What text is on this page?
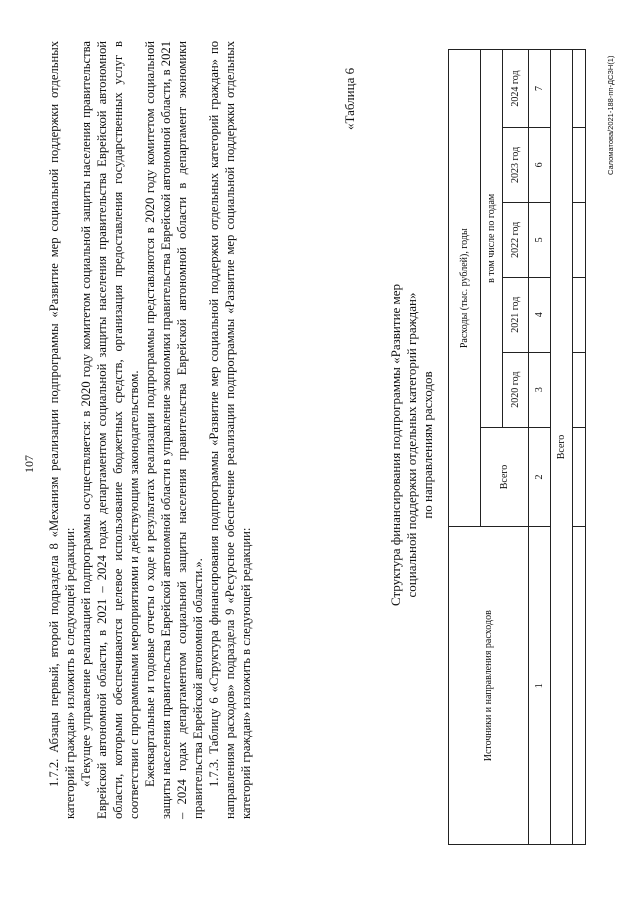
107 1.7.2. Абзацы первый, второй подраздела 8 «Механизм реализации подпрограммы «Развитие мер социальной поддержки отдельных категорий граждан» изложить в следующей редакции: «Текущее управление реализацией подпрограммы осуществляется: в 2020 году комитетом социальной защиты населения правительства Еврейской автономной области, в 2021 – 2024 годах департаментом социальной защиты населения правительства Еврейской автономной области, которыми обеспечиваются целевое использование бюджетных средств, организация предоставления государственных услуг в соответствии с программными мероприятиями и действующим законодательством. Ежеквартальные и годовые отчеты о ходе и результатах реализации подпрограммы представляются в 2020 году комитетом социальной защиты населения правительства Еврейской автономной области в управление экономики правительства Еврейской автономной области, в 2021 – 2024 годах департаментом социальной защиты населения правительства Еврейской автономной области в департамент экономики правительства Еврейской автономной области.». 1.7.3. Таблицу 6 «Структура финансирования подпрограммы «Развитие мер социальной поддержки отдельных категорий граждан» по направлениям расходов» подраздела 9 «Ресурсное обеспечение реализации подпрограммы «Развитие мер социальной поддержки отдельных категорий граждан» изложить в следующей редакции:

«Таблица 6
Структура финансирования подпрограммы «Развитие мер социальной поддержки отдельных категорий граждан» по направлениям расходов
Источники и направления расходов	Расходы (тыс. рублей), годы					
	Всего	в том числе по годам				
		2020 год	2021 год	2022 год	2023 год	2024 год
1	2	3	4	5	6	7
Всего						

Саломатова/2021-188-пп-ДСЗН(1)
